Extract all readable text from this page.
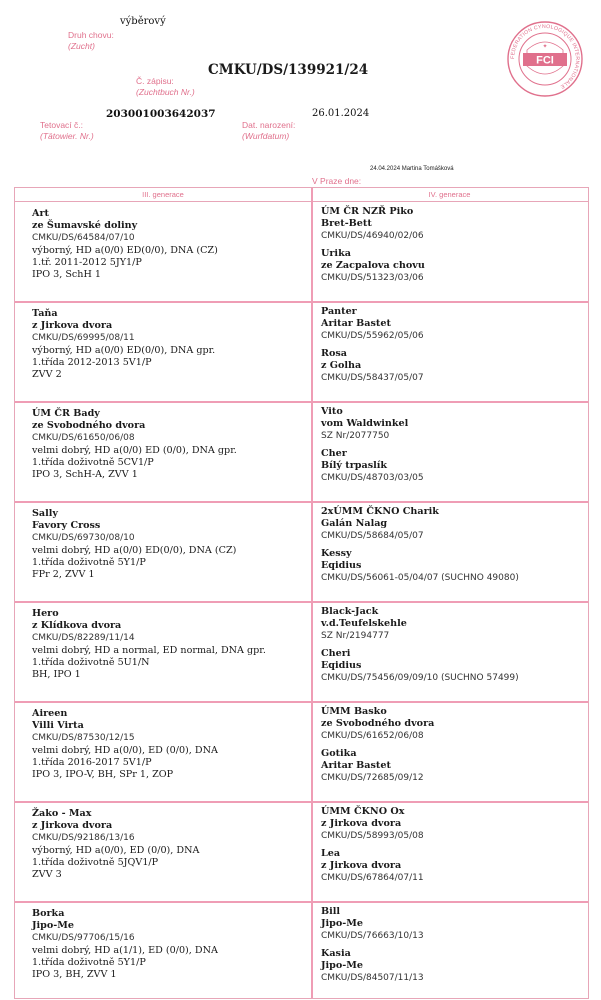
Druh chovu:
(Zucht)
výběrový
Č. zápisu:
(Zuchtbuch Nr.)
CMKU/DS/139921/24
Tetovací č.:
(Tätowier. Nr.)
203001003642037
Dat. narození:
(Wurfdatum)
26.01.2024
24.04.2024 Martina Tomášková
V Praze dne:
FEDERATION CYNOLOGIQUE INTERNATIONALE
FCI
✦
III. generace	IV. generace
Art
ze Šumavské doliny
CMKU/DS/64584/07/10
výborný, HD a(0/0) ED(0/0), DNA (CZ)
1.tř. 2011-2012 5JY1/P
IPO 3, SchH 1
ÚM ČR NZŘ Piko
Bret-Bett
CMKU/DS/46940/02/06
Urika
ze Zacpalova chovu
CMKU/DS/51323/03/06
Taňa
z Jirkova dvora
CMKU/DS/69995/08/11
výborný, HD a(0/0) ED(0/0), DNA gpr.
1.třída 2012-2013 5V1/P
ZVV 2
Panter
Aritar Bastet
CMKU/DS/55962/05/06
Rosa
z Golha
CMKU/DS/58437/05/07
ÚM ČR Bady
ze Svobodného dvora
CMKU/DS/61650/06/08
velmi dobrý, HD a(0/0) ED (0/0), DNA gpr.
1.třída doživotně 5CV1/P
IPO 3, SchH-A, ZVV 1
Vito
vom Waldwinkel
SZ Nr/2077750
Cher
Bílý trpaslík
CMKU/DS/48703/03/05
Sally
Favory Cross
CMKU/DS/69730/08/10
velmi dobrý, HD a(0/0) ED(0/0), DNA (CZ)
1.třída doživotně 5Y1/P
FPr 2, ZVV 1
2xÚMM ČKNO Charik
Galán Nalag
CMKU/DS/58684/05/07
Kessy
Eqidius
CMKU/DS/56061-05/04/07 (SUCHNO 49080)
Hero
z Klídkova dvora
CMKU/DS/82289/11/14
velmi dobrý, HD a normal, ED normal, DNA gpr.
1.třída doživotně 5U1/N
BH, IPO 1
Black-Jack
v.d.Teufelskehle
SZ Nr/2194777
Cheri
Eqidius
CMKU/DS/75456/09/09/10 (SUCHNO 57499)
Aireen
Villi Virta
CMKU/DS/87530/12/15
velmi dobrý, HD a(0/0), ED (0/0), DNA
1.třída 2016-2017 5V1/P
IPO 3, IPO-V, BH, SPr 1, ZOP
ÚMM Basko
ze Svobodného dvora
CMKU/DS/61652/06/08
Gotika
Aritar Bastet
CMKU/DS/72685/09/12
Žako - Max
z Jirkova dvora
CMKU/DS/92186/13/16
výborný, HD a(0/0), ED (0/0), DNA
1.třída doživotně 5JQV1/P
ZVV 3
ÚMM ČKNO Ox
z Jirkova dvora
CMKU/DS/58993/05/08
Lea
z Jirkova dvora
CMKU/DS/67864/07/11
Borka
Jipo-Me
CMKU/DS/97706/15/16
velmi dobrý, HD a(1/1), ED (0/0), DNA
1.třída doživotně 5Y1/P
IPO 3, BH, ZVV 1
Bill
Jipo-Me
CMKU/DS/76663/10/13
Kasia
Jipo-Me
CMKU/DS/84507/11/13
